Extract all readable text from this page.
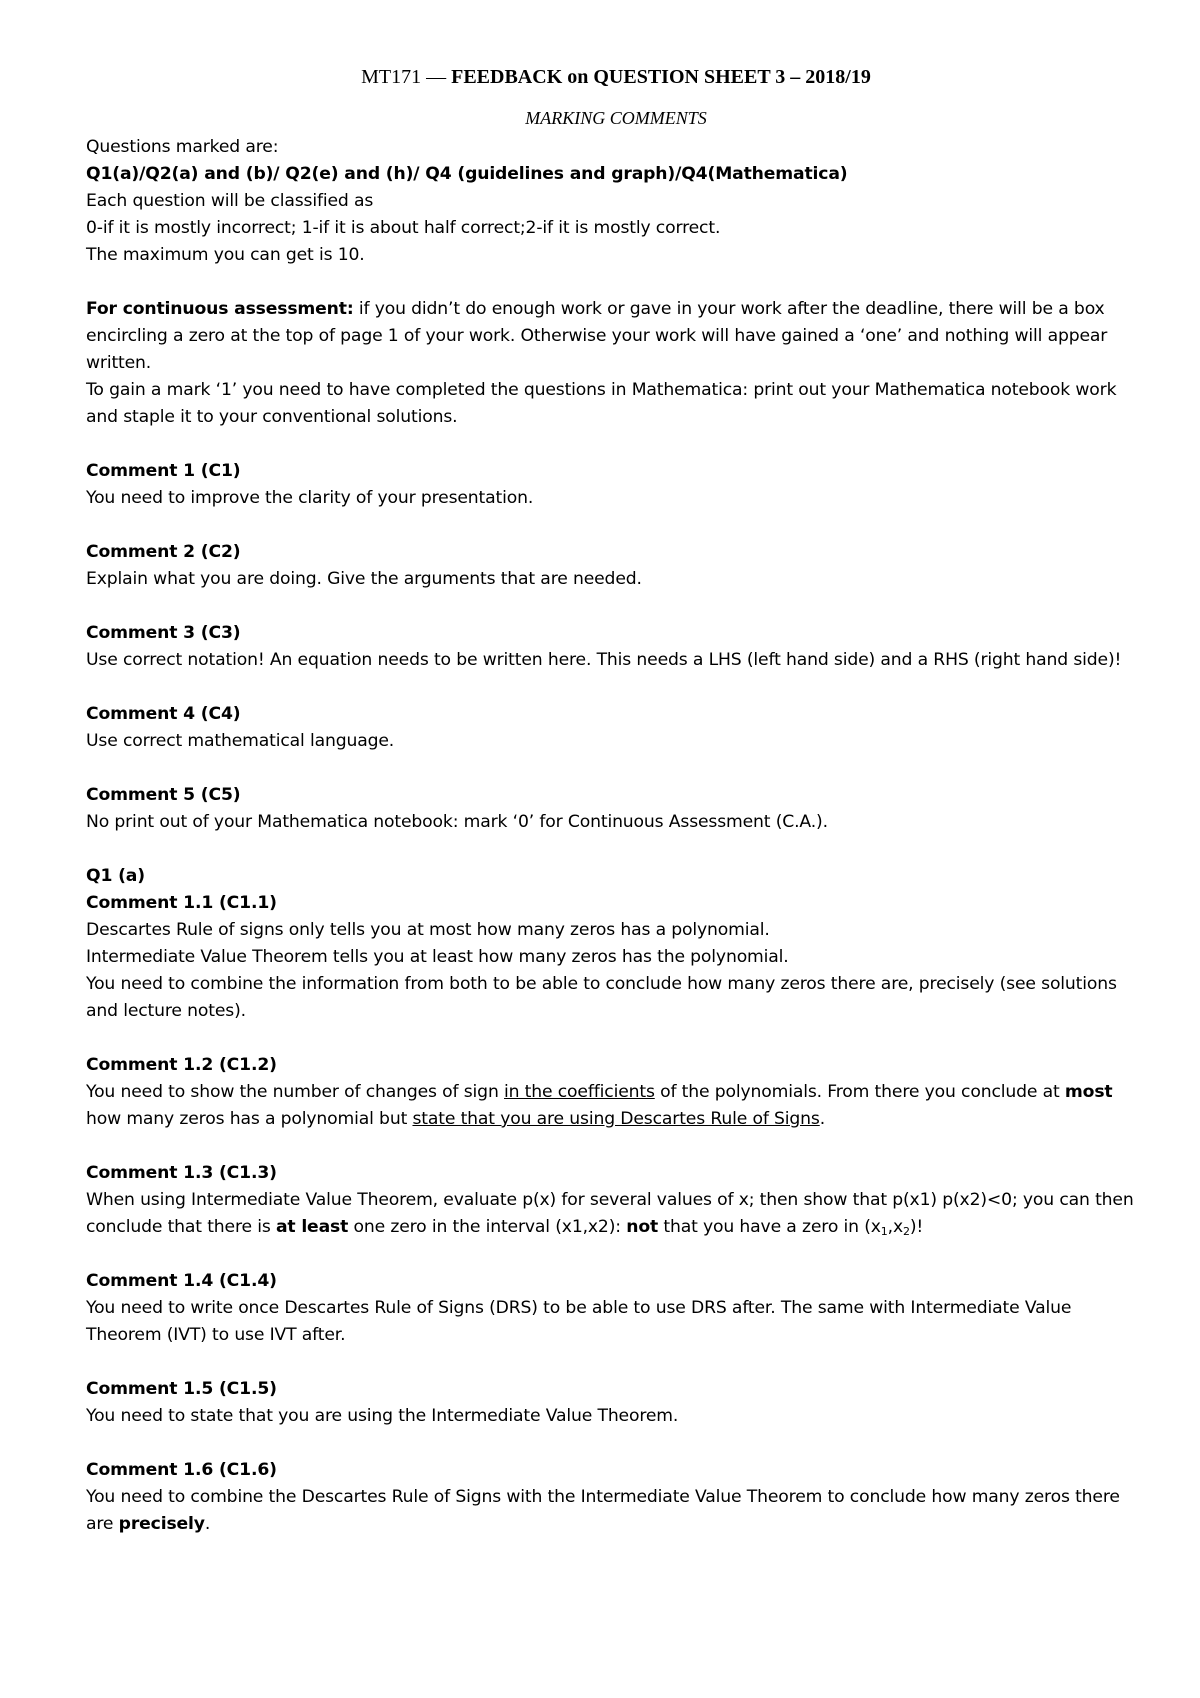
MT171 — FEEDBACK on QUESTION SHEET 3 – 2018/19
MARKING COMMENTS

Questions marked are:

Q1(a)/Q2(a) and (b)/ Q2(e) and (h)/ Q4 (guidelines and graph)/Q4(Mathematica)

Each question will be classified as

0-if it is mostly incorrect; 1-if it is about half correct;2-if it is mostly correct.

The maximum you can get is 10.

For continuous assessment: if you didn’t do enough work or gave in your work after the deadline, there will be a box encircling a zero at the top of page 1 of your work. Otherwise your work will have gained a ‘one’ and nothing will appear written.

To gain a mark ‘1’ you need to have completed the questions in Mathematica: print out your Mathematica notebook work and staple it to your conventional solutions.

Comment 1 (C1)

You need to improve the clarity of your presentation.

Comment 2 (C2)

Explain what you are doing. Give the arguments that are needed.

Comment 3 (C3)

Use correct notation! An equation needs to be written here. This needs a LHS (left hand side) and a RHS (right hand side)!

Comment 4 (C4)

Use correct mathematical language.

Comment 5 (C5)

No print out of your Mathematica notebook: mark ‘0’ for Continuous Assessment (C.A.).

Q1 (a)

Comment 1.1 (C1.1)

Descartes Rule of signs only tells you at most how many zeros has a polynomial.

Intermediate Value Theorem tells you at least how many zeros has the polynomial.

You need to combine the information from both to be able to conclude how many zeros there are, precisely (see solutions and lecture notes).

Comment 1.2 (C1.2)

You need to show the number of changes of sign in the coefficients of the polynomials. From there you conclude at most how many zeros has a polynomial but state that you are using Descartes Rule of Signs.

Comment 1.3 (C1.3)

When using Intermediate Value Theorem, evaluate p(x) for several values of x; then show that p(x1) p(x2)<0; you can then conclude that there is at least one zero in the interval (x1,x2): not that you have a zero in $(x_1,x_2)$!

Comment 1.4 (C1.4)

You need to write once Descartes Rule of Signs (DRS) to be able to use DRS after. The same with Intermediate Value Theorem (IVT) to use IVT after.

Comment 1.5 (C1.5)

You need to state that you are using the Intermediate Value Theorem.

Comment 1.6 (C1.6)

You need to combine the Descartes Rule of Signs with the Intermediate Value Theorem to conclude how many zeros there are precisely.
